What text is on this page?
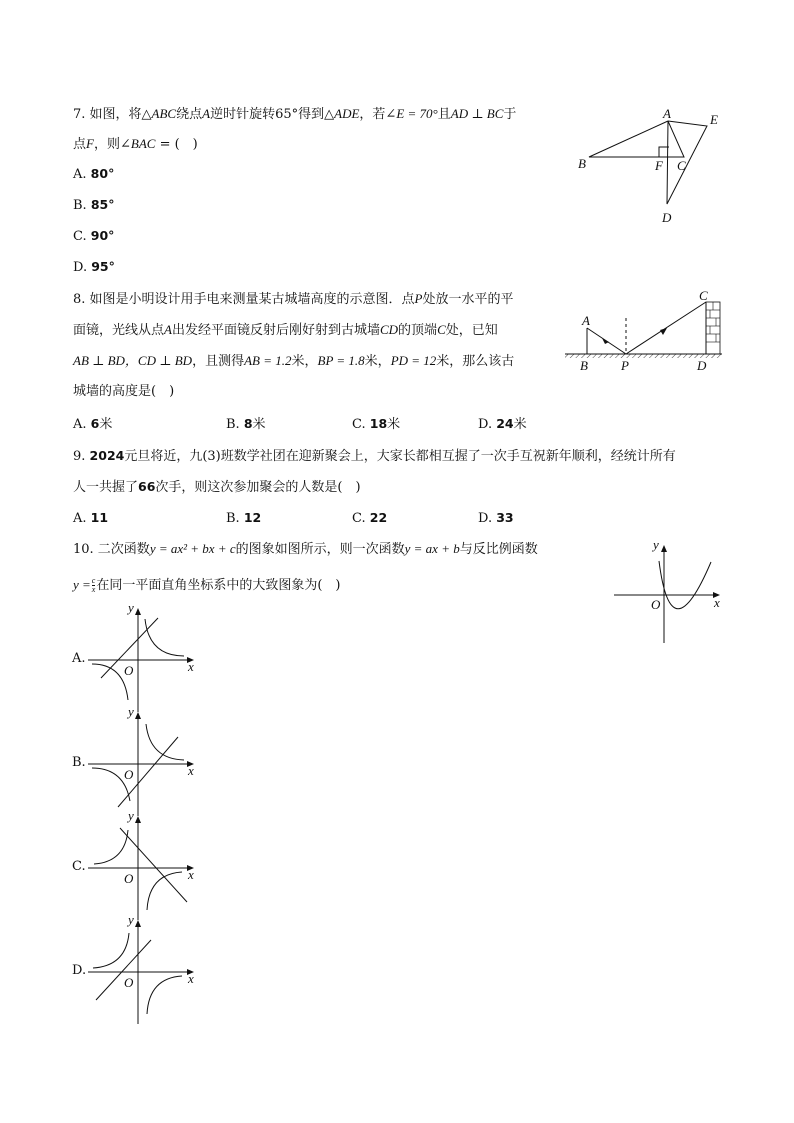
7. 如图，将△ABC绕点A逆时针旋转65°得到△ADE，若∠E = 70°且AD ⊥ BC于
点F，则∠BAC = (　)
A. 80°
B. 85°
C. 90°
D. 95°
A
B	C
D
E
F
8. 如图是小明设计用手电来测量某古城墙高度的示意图．点P处放一水平的平
面镜，光线从点A出发经平面镜反射后刚好射到古城墙CD的顶端C处，已知
AB ⊥ BD，CD ⊥ BD，且测得AB = 1.2米，BP = 1.8米，PD = 12米，那么该古
城墙的高度是(　)
A. 6米	B. 8米	C. 18米	D. 24米
A
B
C
D
P
9. 2024元旦将近，九(3)班数学社团在迎新聚会上，大家长都相互握了一次手互祝新年顺利，经统计所有
人一共握了66次手，则这次参加聚会的人数是(　)
A. 11	B. 12	C. 22	D. 33
10. 二次函数y = ax² + bx + c的图象如图所示，则一次函数y = ax + b与反比例函数
$y = \frac{c}{x}$ 在同一平面直角坐标系中的大致图象为(　)
y
x
O
A.
B.
C.
D.
y
x
O
y
x
O
y
x
O
y
x
O
